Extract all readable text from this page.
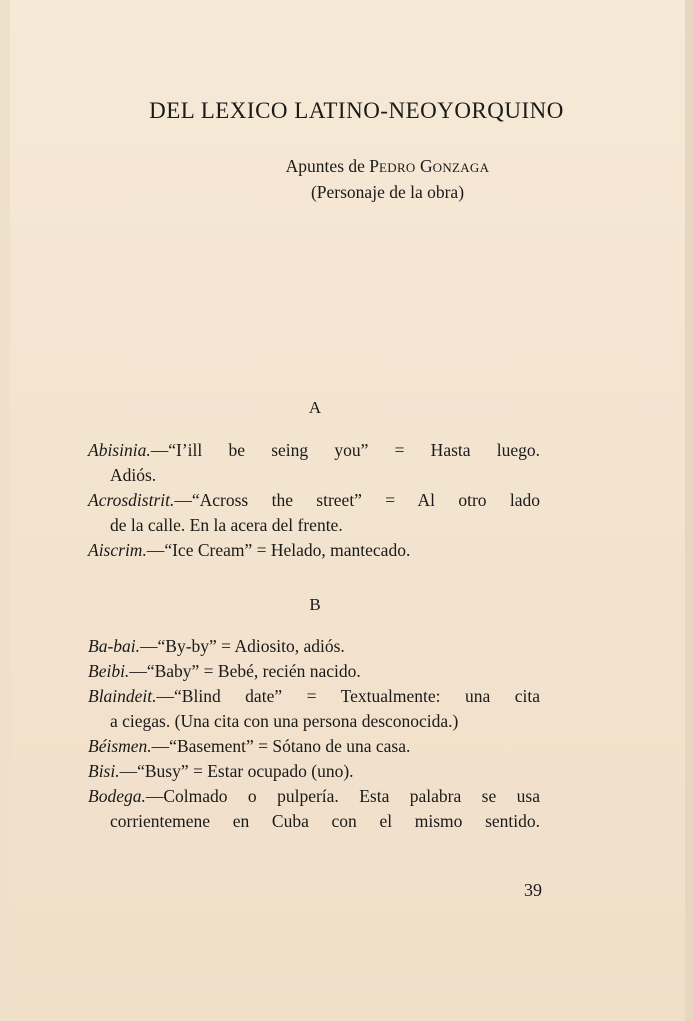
DEL LEXICO LATINO-NEOYORQUINO
Apuntes de PEDRO GONZAGA
(Personaje de la obra)
A
Abisinia.—“I’ill be seing you” = Hasta luego.
Adiós.
Acrosdistrit.—“Across the street” = Al otro lado
de la calle. En la acera del frente.
Aiscrim.—“Ice Cream” = Helado, mantecado.
B
Ba-bai.—“By-by” = Adiosito, adiós.
Beibi.—“Baby” = Bebé, recién nacido.
Blaindeit.—“Blind date” = Textualmente: una cita
a ciegas. (Una cita con una persona desconocida.)
Béismen.—“Basement” = Sótano de una casa.
Bisi.—“Busy” = Estar ocupado (uno).
Bodega.—Colmado o pulpería. Esta palabra se usa
corrientemene en Cuba con el mismo sentido.
39
